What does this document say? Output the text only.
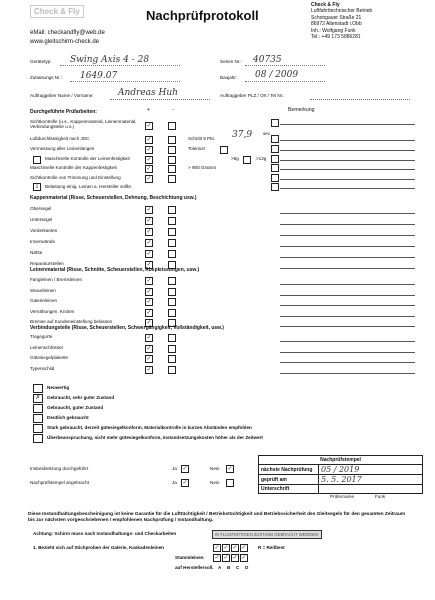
Check & Fly	Nachprüfprotokoll
eMail: checkandfly@web.de
www.gleitschirm-check.de
Check & Fly
Luftfahrttechnischer Betrieb
Schongauer Straße 21
86972 Altenstadt i.Obb
Inh.: Wolfgang Funk
Tel.: +49 173 5886281
Gerätetyp: Swing Axis 4 - 28	Serien Nr.: 40735
Zulassungs Nr.: 1649.07	Baujahr: 08 / 2009
Auftraggeber Name / Vorname:	Andreas Huh	Auftraggeber PLZ / Ort / Tel Nr.:
Durchgeführte Prüfarbeiten:	+	-	Bemerkung
Sichtkontrolle (u.s., Kappenmaterial, Leinenmaterial, Verbindungsteile u.s.)	✓
Luftdurchlässigkeit nach JDC	✓	Schnitt 5 Pkt. 37,9 sec.
Vermessung aller Leinenlängen	✓	Toleranz
Maschinelle Kontrolle der Leinenfestigkeit	✓	>8g	>12g
Maschinelle Kontrolle der Kappenfestigkeit	✓	> 900 Gramm
Sichtkontrolle von Trimmung und Einstellung	✓
1	Belastung einig. Leinen a. Hersteller sollbr.
Kappenmaterial (Risse, Scheuerstellen, Dehnung, Beschichtung usw.)
Obersegel	✓
Untersegel	✓
Vorderkanten	✓
Innenwände	✓
Nähte	✓
Reparaturstellen	✓
Leinenmaterial (Risse, Schnitte, Scheuerstellen, Abspleissungen, usw.)
Fangleinen / Bremsleinen	✓
Steuerleinen	✓
Galerieleinen	✓
Vernähungen, Knoten	✓
Bremse auf Kundeneinstellung belassen	✓
Verbindungsteile (Risse, Scheuerstellen, Schwergängigkeit, Vollständigkeit, usw.)
Tragegurte	✓
Leinenschlösser	✓
Gütesiegelplakette	✓
Typenschild	✓
Neuwertig
✗	Gebraucht, sehr guter Zustand
Gebraucht, guter Zustand
Deutlich gebraucht
Stark gebraucht, derzeit gütesiegelkonform, Materialkontrolle in kurzen Abständen empfohlen
Überbeanspruchung, nicht mehr gütesiegelkonform, Instandsetzungskosten höher als der Zeitwert
Instandsetzung durchgeführt	Ja ✓	Nein ✓
Nachprüfstempel angebracht	Ja ✓	Nein
Nachprüfstempel	
nächste Nachprüfung	05 / 2019
geprüft am	5. 5. 2017
Unterschrift	
Prüfername	Funk
Diese Instandhaltungsbescheinigung ist keine Garantie für die Lufttüchtigkeit / Betriebstüchtigkeit und Betriebssicherheit des Gleitsegels für den gesamten Zeitraum bis zur nächsten vorgeschriebenen / empfohlenen Nachprüfung / Instandhaltung.
Achtung: Schirm muss nach Instandhaltungs- und Checkarbeiten	IN FLUGFERTIGEN ZUSTAND GEBRACHT WERDEN!
1. Bezieht sich auf Stichproben der Galerie, Kaskadenleinen	✓ ✓ ✓ ✓	R = Reißtest
Stammleinen ✓ ✓ ✓ ✓
auf Herstellersoll. A B C D
